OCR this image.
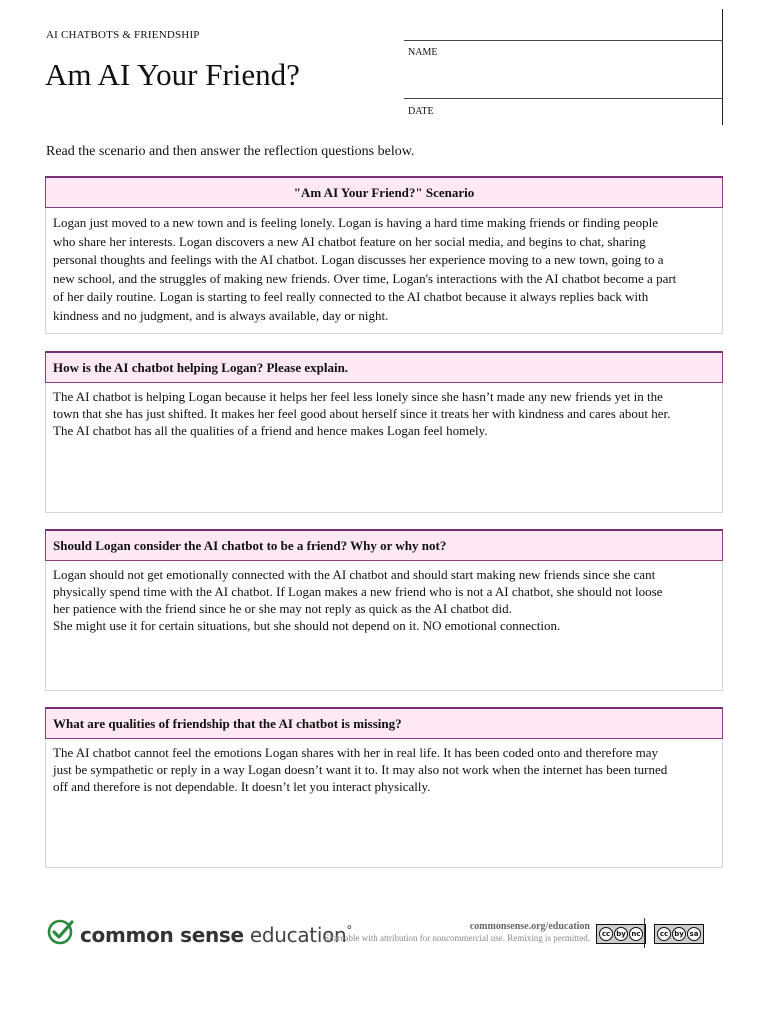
AI CHATBOTS & FRIENDSHIP
Am AI Your Friend?
NAME
DATE
Read the scenario and then answer the reflection questions below.
"Am AI Your Friend?" Scenario
Logan just moved to a new town and is feeling lonely. Logan is having a hard time making friends or finding people
who share her interests. Logan discovers a new AI chatbot feature on her social media, and begins to chat, sharing
personal thoughts and feelings with the AI chatbot. Logan discusses her experience moving to a new town, going to a
new school, and the struggles of making new friends. Over time, Logan's interactions with the AI chatbot become a part
of her daily routine. Logan is starting to feel really connected to the AI chatbot because it always replies back with
kindness and no judgment, and is always available, day or night.
How is the AI chatbot helping Logan? Please explain.
The AI chatbot is helping Logan because it helps her feel less lonely since she hasn’t made any new friends yet in the
town that she has just shifted. It makes her feel good about herself since it treats her with kindness and cares about her.
The AI chatbot has all the qualities of a friend and hence makes Logan feel homely.
Should Logan consider the AI chatbot to be a friend? Why or why not?
Logan should not get emotionally connected with the AI chatbot and should start making new friends since she cant
physically spend time with the AI chatbot. If Logan makes a new friend who is not a AI chatbot, she should not loose
her patience with the friend since he or she may not reply as quick as the AI chatbot did.
She might use it for certain situations, but she should not depend on it. NO emotional connection.
What are qualities of friendship that the AI chatbot is missing?
The AI chatbot cannot feel the emotions Logan shares with her in real life. It has been coded onto and therefore may
just be sympathetic or reply in a way Logan doesn’t want it to. It may also not work when the internet has been turned
off and therefore is not dependable. It doesn’t let you interact physically.
common sense education°	commonsense.org/education
Shareable with attribution for noncommercial use. Remixing is permitted.	cc by nc	cc by sa
